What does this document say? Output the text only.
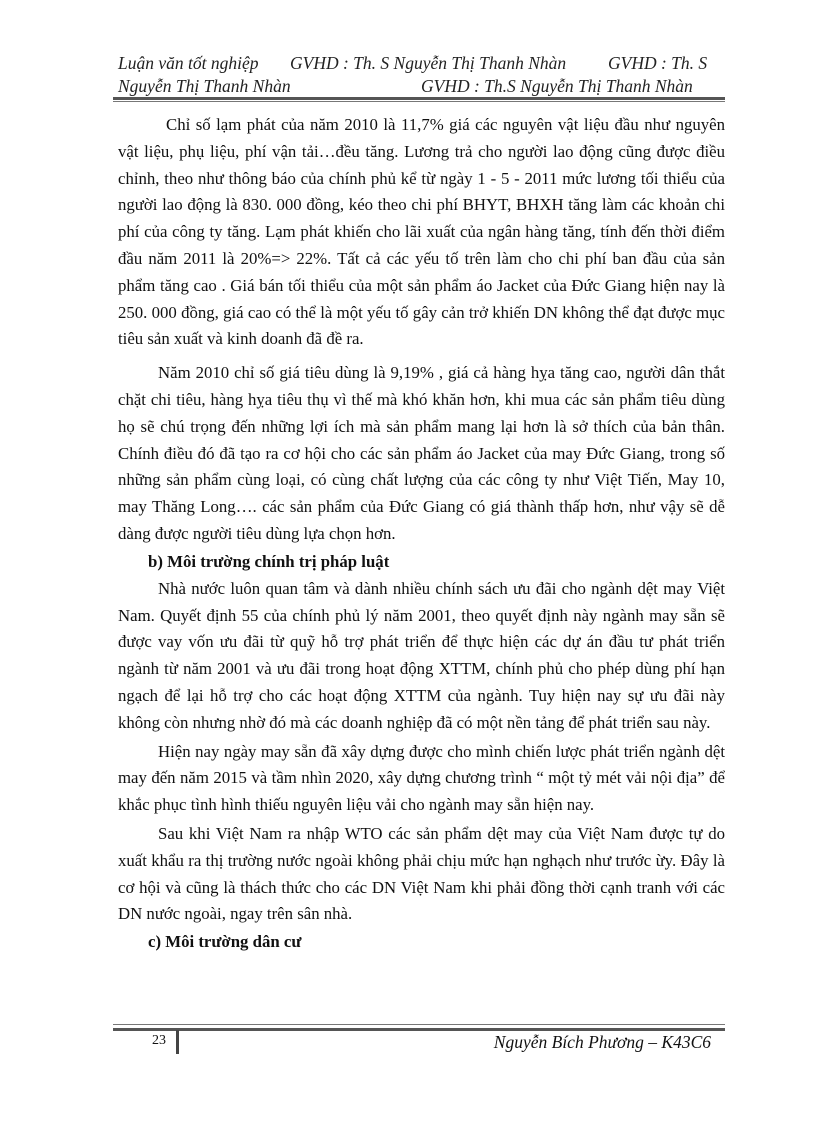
Luận văn tốt nghiệp GVHD : Th. S Nguyễn Thị Thanh Nhàn GVHD : Th. S
Nguyễn Thị Thanh Nhàn	GVHD : Th.S Nguyễn Thị Thanh Nhàn

Chỉ số lạm phát của năm 2010 là 11,7% giá các nguyên vật liệu đầu như nguyên vật liệu, phụ liệu, phí vận tải…đều tăng. Lương trả cho người lao động cũng được điều chỉnh, theo như thông báo của chính phủ kể từ ngày 1 - 5 - 2011 mức lương tối thiểu của người lao động là 830. 000 đồng, kéo theo chi phí BHYT, BHXH tăng làm các khoản chi phí của công ty tăng. Lạm phát khiến cho lãi xuất của ngân hàng tăng, tính đến thời điểm đầu năm 2011 là 20%=> 22%. Tất cả các yếu tố trên làm cho chi phí ban đầu của sản phẩm tăng cao . Giá bán tối thiểu của một sản phẩm áo Jacket của Đức Giang hiện nay là 250. 000 đồng, giá cao có thể là một yếu tố gây cản trở khiến DN không thể đạt được mục tiêu sản xuất và kinh doanh đã đề ra.

Năm 2010 chỉ số giá tiêu dùng là 9,19% , giá cả hàng hỵa tăng cao, người dân thắt chặt chi tiêu, hàng hỵa tiêu thụ vì thế mà khó khăn hơn, khi mua các sản phẩm tiêu dùng họ sẽ chú trọng đến những lợi ích mà sản phẩm mang lại hơn là sở thích của bản thân. Chính điều đó đã tạo ra cơ hội cho các sản phẩm áo Jacket của may Đức Giang, trong số những sản phẩm cùng loại, có cùng chất lượng của các công ty như Việt Tiến, May 10, may Thăng Long…. các sản phẩm của Đức Giang có giá thành thấp hơn, như vậy sẽ dễ dàng được người tiêu dùng lựa chọn hơn.

b) Môi trường chính trị pháp luật

Nhà nước luôn quan tâm và dành nhiều chính sách ưu đãi cho ngành dệt may Việt Nam. Quyết định 55 của chính phủ lý năm 2001, theo quyết định này ngành may sẵn sẽ được vay vốn ưu đãi từ quỹ hỗ trợ phát triển để thực hiện các dự án đầu tư phát triển ngành từ năm 2001 và ưu đãi trong hoạt động XTTM, chính phủ cho phép dùng phí hạn ngạch để lại hỗ trợ cho các hoạt động XTTM của ngành. Tuy hiện nay sự ưu đãi này không còn nhưng nhờ đó mà các doanh nghiệp đã có một nền tảng để phát triển sau này.

Hiện nay ngày may sẵn đã xây dựng được cho mình chiến lược phát triển ngành dệt may đến năm 2015 và tầm nhìn 2020, xây dựng chương trình “ một tỷ mét vải nội địa” để khắc phục tình hình thiếu nguyên liệu vải cho ngành may sẵn hiện nay.

Sau khi Việt Nam ra nhập WTO các sản phẩm dệt may của Việt Nam được tự do xuất khẩu ra thị trường nước ngoài không phải chịu mức hạn nghạch như trước ừy. Đây là cơ hội và cũng là thách thức cho các DN Việt Nam khi phải đồng thời cạnh tranh với các DN nước ngoài, ngay trên sân nhà.

c) Môi trường dân cư
23	Nguyễn Bích Phương – K43C6
